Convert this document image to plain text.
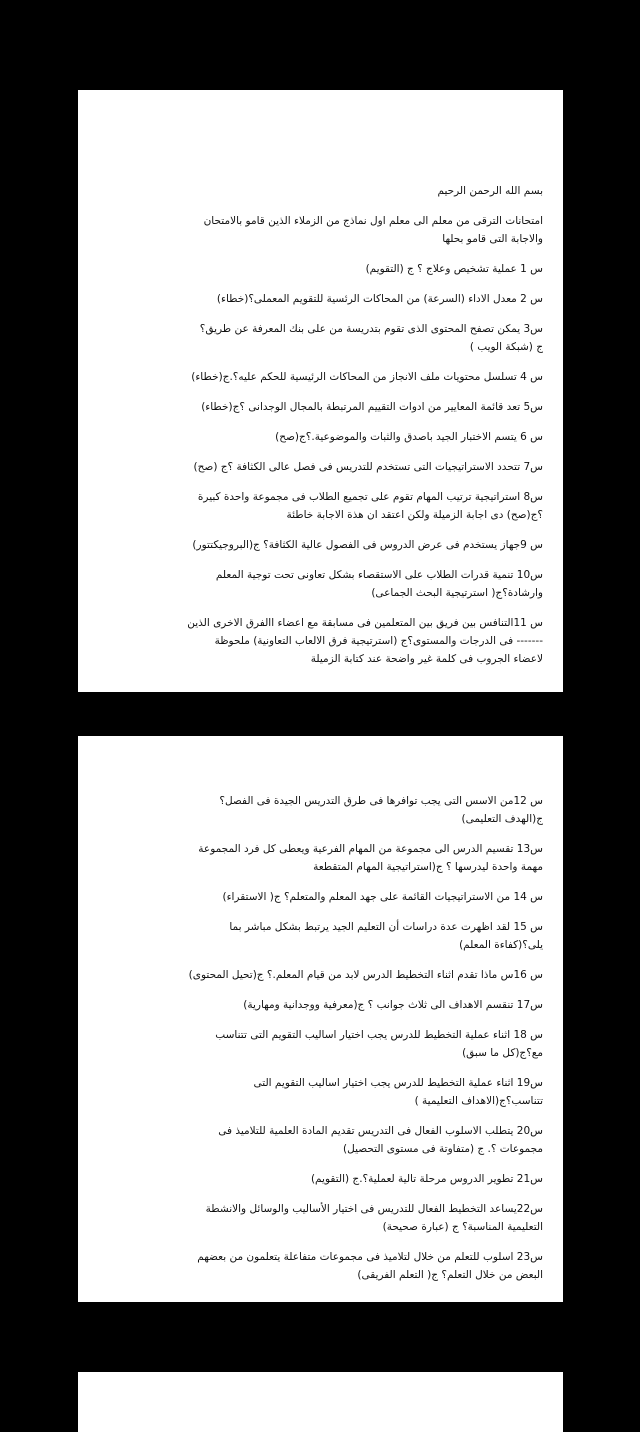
بسم الله الرحمن الرحيم
امتحانات الترقى من معلم الى معلم اول نماذج من الزملاء الذين قامو بالامتحان
والاجابة التى قامو بحلها
س 1 عملية تشخيص وعلاج ؟ ج (التقويم)
س 2 معدل الاداء (السرعة) من المحاكات الرئسية للتقويم المعملى؟(خطاء)
س3 يمكن تصفح المحتوى الذى تقوم بتدريسة من على بنك المعرفة عن طريق؟
ج (شبكة الويب )
س 4 تسلسل محتويات ملف الانجاز من المحاكات الرئيسية للحكم عليه؟.ج(خطاء)
س5 تعد قائمة المعايير من ادوات التقييم المرتبطة بالمجال الوجدانى ؟ج(خطاء)
س 6 يتسم الاختبار الجيد باصدق والثبات والموضوعية.؟ج(صح)
س7 تتحدد الاستراتيجيات التى تستخدم للتدريس فى فصل عالى الكثافة ؟ج (صح)
س8 استراتيجية ترتيب المهام تقوم على تجميع الطلاب فى مجموعة واحدة كبيرة
؟ج(صح) دى اجابة الزميلة ولكن اعتقد ان هذة الاجابة خاطئة
س 9جهاز يستخدم فى عرض الدروس فى الفصول عالية الكثافة؟ ج(البروجيكتتور)
س10 تنمية قدرات الطلاب على الاستقصاء بشكل تعاونى تحت توجية المعلم
وارشادة؟ج( استرتيجية البحث الجماعى)
س 11التنافس بين فريق بين المتعلمين فى مسابقة مع اعضاء االفرق الاخرى الذين
------- فى الدرجات والمستوى؟ج (استرتيجية فرق الالعاب التعاونية) ملحوظة
لاعضاء الجروب فى كلمة غير واضحة عند كتابة الزميلة
س 12من الاسس التى يجب توافرها فى طرق التدريس الجيدة فى الفصل؟
ج(الهدف التعليمى)
س13 تقسيم الدرس الى مجموعة من المهام الفرعية ويعطى كل فرد المجموعة
مهمة واحدة ليدرسها ؟ ج(استراتيجية المهام المتقطعة
س 14 من الاستراتيجيات القائمة على جهد المعلم والمتعلم؟ ج( الاستقراء)
س 15 لقد اظهرت عدة دراسات أن التعليم الجيد يرتبط بشكل مباشر بما
يلى؟(كفاءة المعلم)
س 16س ماذا تقدم اثناء التخطيط الدرس لابد من قيام المعلم.؟ ج(تحيل المحتوى)
س17 تنقسم الاهداف الى ثلاث جوانب ؟ ج(معرفية ووجدانية ومهارية)
س 18 اثناء عملية التخطيط للدرس يجب اختيار اساليب التقويم التى تتناسب
مع؟ج(كل ما سبق)
س19 اثناء عملية التخطيط للدرس يجب اختيار اساليب التقويم التى
تتناسب؟ج(الاهداف التعليمية )
س20 يتطلب الاسلوب الفعال فى التدريس تقديم المادة العلمية للتلاميذ فى
مجموعات ؟. ج (متفاوتة فى مستوى التحصيل)
س21 تطوير الدروس مرحلة تالية لعملية؟.ج (التقويم)
س22يساعد التخطيط الفعال للتدريس فى اختيار الأساليب والوسائل والانشطة
التعليمية المناسبة؟ ج (عبارة صحيحة)
س23 اسلوب للتعلم من خلال لتلاميذ فى مجموعات متفاعلة يتعلمون من بعضهم
البعض من خلال التعلم؟ ج( التعلم الفريقى)
